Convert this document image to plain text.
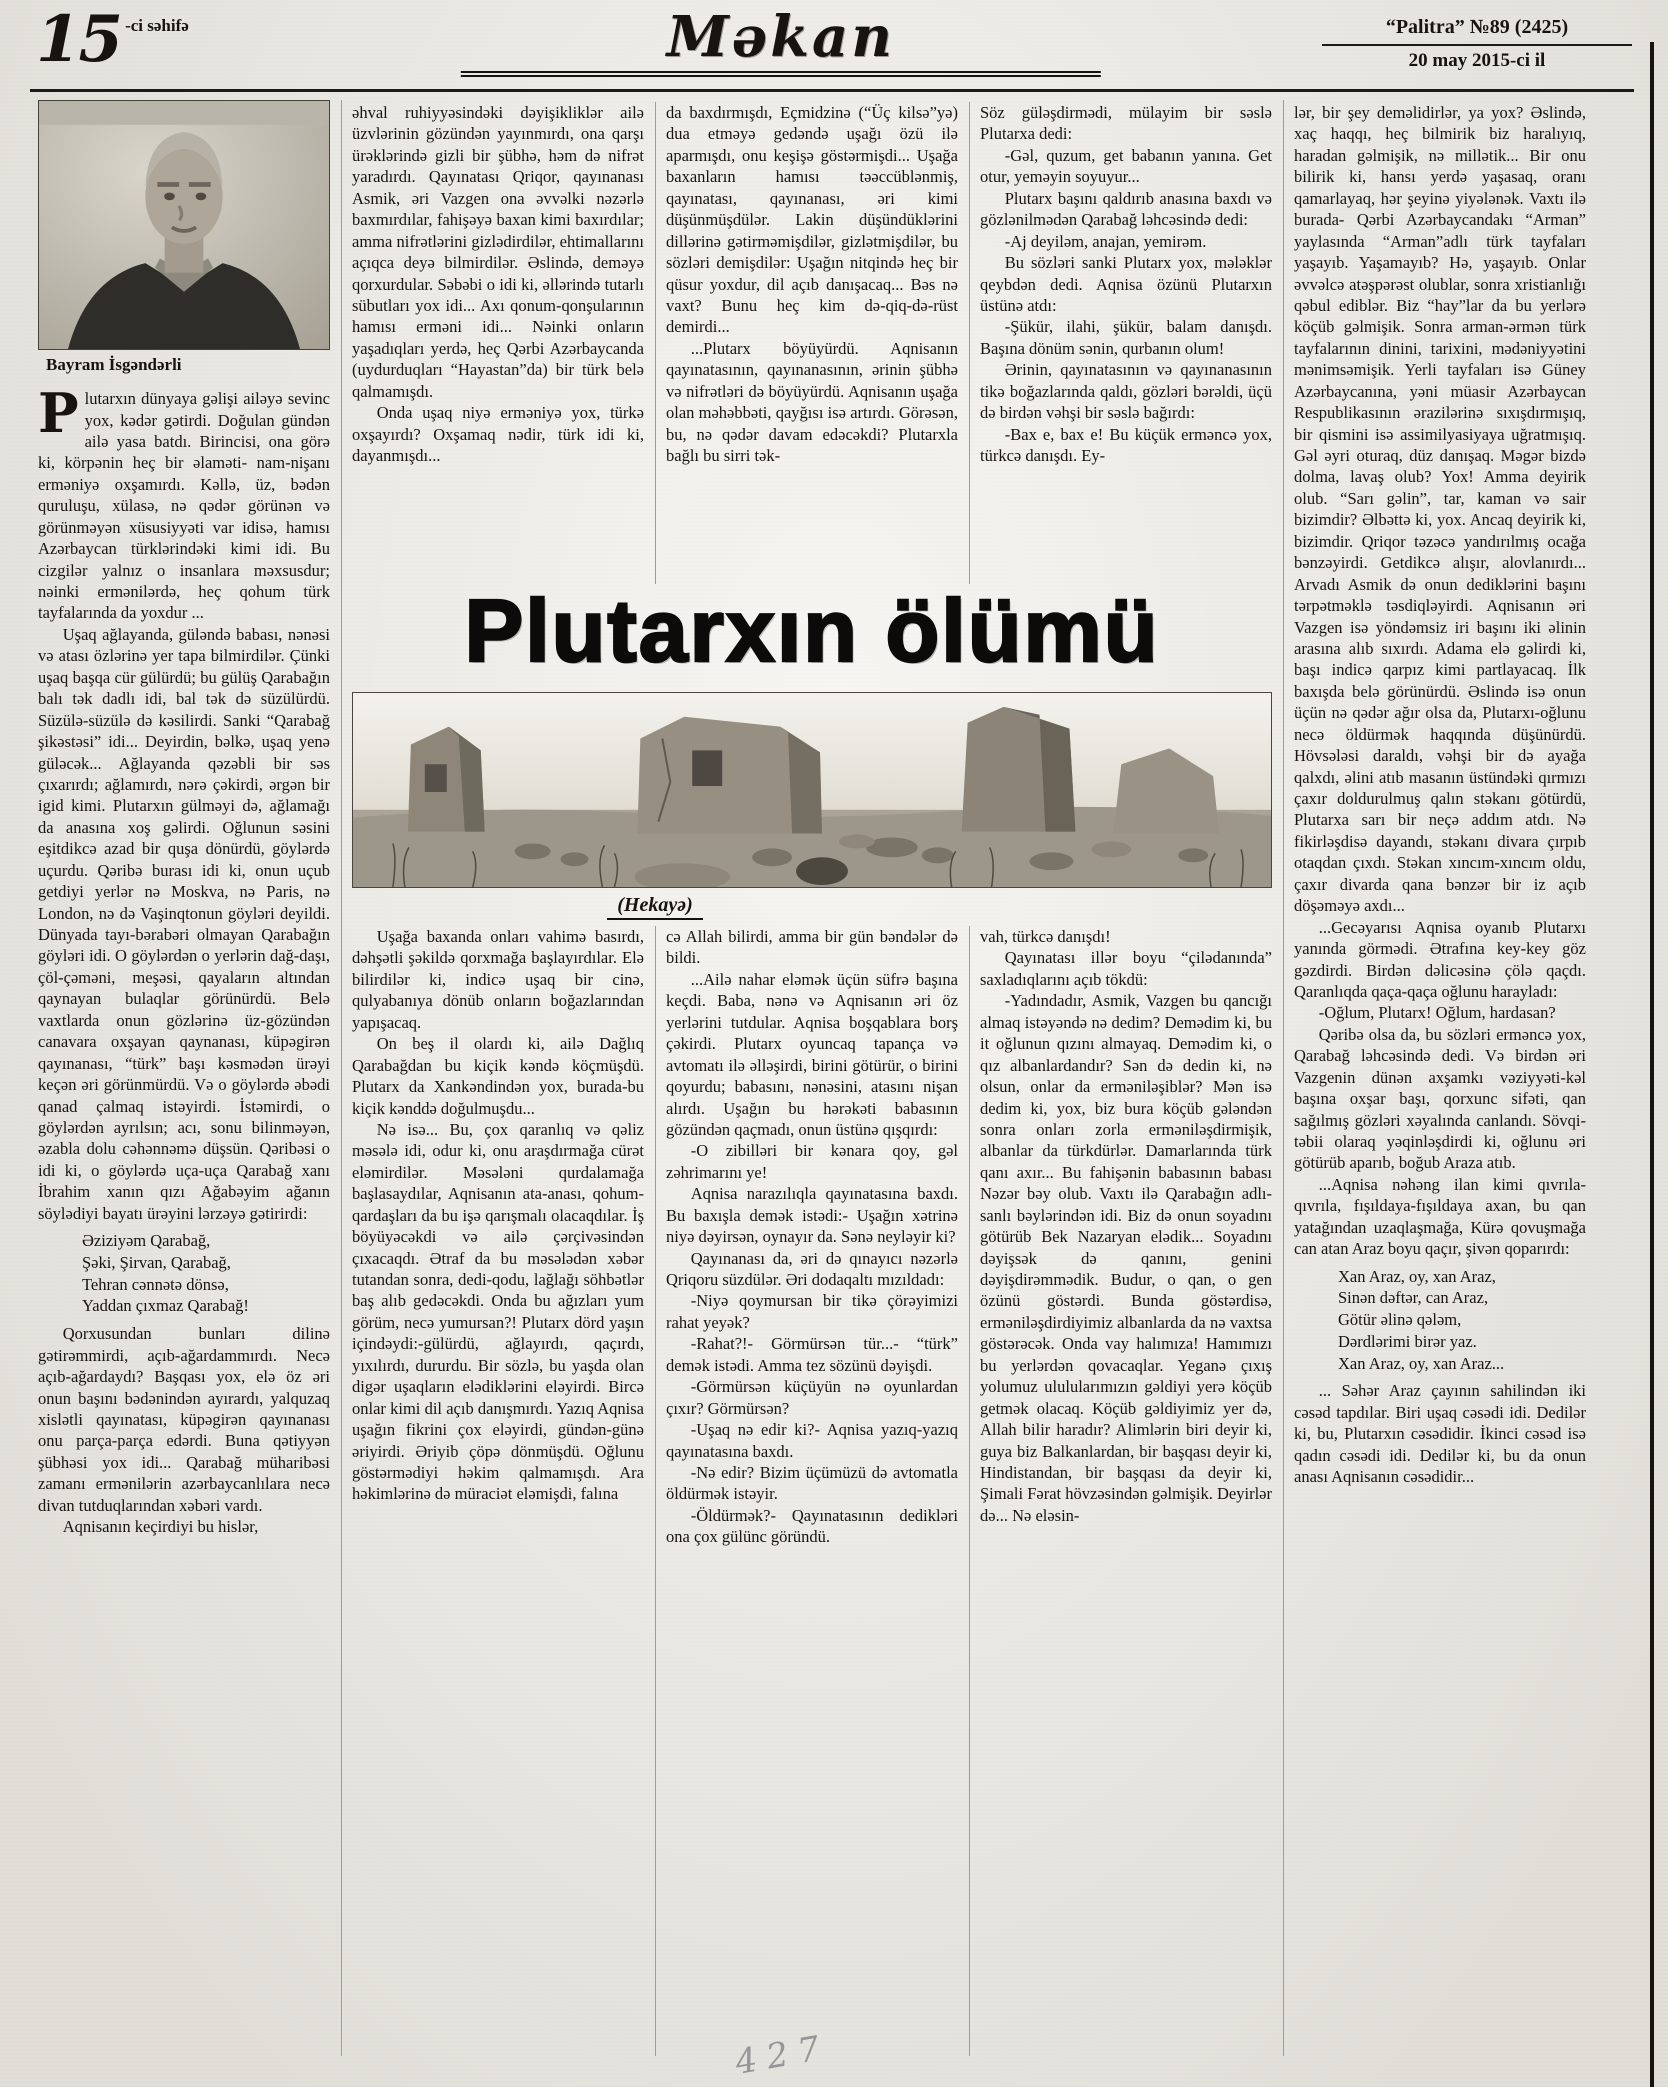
15 -ci səhifə	Məkan	“Palitra” №89 (2425)
20 may 2015-ci il
Bayram İsgəndərli

Plutarxın dünyaya gəlişi ailəyə sevinc yox, kədər gətirdi. Doğulan gündən ailə yasa batdı. Birincisi, ona görə ki, körpənin heç bir əlaməti- nam-nişanı erməniyə oxşamırdı. Kəllə, üz, bədən quruluşu, xülasə, nə qədər görünən və görünməyən xüsusiyyəti var idisə, hamısı Azərbaycan türklərindəki kimi idi. Bu cizgilər yalnız o insanlara məxsusdur; nəinki ermənilərdə, heç qohum türk tayfalarında da yoxdur ...

Uşaq ağlayanda, güləndə babası, nənəsi və atası özlərinə yer tapa bilmirdilər. Çünki uşaq başqa cür gülürdü; bu gülüş Qarabağın balı tək dadlı idi, bal tək də süzülürdü. Süzülə-süzülə də kəsilirdi. Sanki “Qarabağ şikəstəsi” idi... Deyirdin, bəlkə, uşaq yenə güləcək... Ağlayanda qəzəbli bir səs çıxarırdı; ağlamırdı, nərə çəkirdi, ərgən bir igid kimi. Plutarxın gülməyi də, ağlamağı da anasına xoş gəlirdi. Oğlunun səsini eşitdikcə azad bir quşa dönürdü, göylərdə uçurdu. Qəribə burası idi ki, onun uçub getdiyi yerlər nə Moskva, nə Paris, nə London, nə də Vaşinqtonun göyləri deyildi. Dünyada tayı-bərabəri olmayan Qarabağın göyləri idi. O göylərdən o yerlərin dağ-daşı, çöl-çəməni, meşəsi, qayaların altından qaynayan bulaqlar görünürdü. Belə vaxtlarda onun gözlərinə üz-gözündən canavara oxşayan qaynanası, küpəgirən qayınanası, “türk” başı kəsmədən ürəyi keçən əri görünmürdü. Və o göylərdə əbədi qanad çalmaq istəyirdi. İstəmirdi, o göylərdən ayrılsın; acı, sonu bilinməyən, əzabla dolu cəhənnəmə düşsün. Qəribəsi o idi ki, o göylərdə uça-uça Qarabağ xanı İbrahim xanın qızı Ağabəyim ağanın söylədiyi bayatı ürəyini lərzəyə gətirirdi:

Əziziyəm Qarabağ,
Şəki, Şirvan, Qarabağ,
Tehran cənnətə dönsə,
Yaddan çıxmaz Qarabağ!

Qorxusundan bunları dilinə gətirəmmirdi, açıb-ağardammırdı. Necə açıb-ağardaydı? Başqası yox, elə öz əri onun başını bədənindən ayırardı, yalquzaq xislətli qayınatası, küpəgirən qayınanası onu parça-parça edərdi. Buna qətiyyən şübhəsi yox idi... Qarabağ müharibəsi zamanı ermənilərin azərbaycanlılara necə divan tutduqlarından xəbəri vardı.

Aqnisanın keçirdiyi bu hislər,

əhval ruhiyyəsindəki dəyişikliklər ailə üzvlərinin gözündən yayınmırdı, ona qarşı ürəklərində gizli bir şübhə, həm də nifrət yaradırdı. Qayınatası Qriqor, qayınanası Asmik, əri Vazgen ona əvvəlki nəzərlə baxmırdılar, fahişəyə baxan kimi baxırdılar; amma nifrətlərini gizlədirdilər, ehtimallarını açıqca deyə bilmirdilər. Əslində, deməyə qorxurdular. Səbəbi o idi ki, əllərində tutarlı sübutları yox idi... Axı qonum-qonşularının hamısı erməni idi... Nəinki onların yaşadıqları yerdə, heç Qərbi Azərbaycanda (uydurduqları “Hayastan”da) bir türk belə qalmamışdı.

Onda uşaq niyə erməniyə yox, türkə oxşayırdı? Oxşamaq nədir, türk idi ki, dayanmışdı...

da baxdırmışdı, Eçmidzinə (“Üç kilsə”yə) dua etməyə gedəndə uşağı özü ilə aparmışdı, onu keşişə göstərmişdi... Uşağa baxanların hamısı təəccüblənmiş, qayınatası, qayınanası, əri kimi düşünmüşdülər. Lakin düşündüklərini dillərinə gətirməmişdilər, gizlətmişdilər, bu sözləri demişdilər: Uşağın nitqində heç bir qüsur yoxdur, dil açıb danışacaq... Bəs nə vaxt? Bunu heç kim də-qiq-də-rüst demirdi...

...Plutarx böyüyürdü. Aqnisanın qayınatasının, qayınanasının, ərinin şübhə və nifrətləri də böyüyürdü. Aqnisanın uşağa olan məhəbbəti, qayğısı isə artırdı. Görəsən, bu, nə qədər davam edəcəkdi? Plutarxla bağlı bu sirri tək-

Söz güləşdirmədi, mülayim bir səslə Plutarxa dedi:

-Gəl, quzum, get babanın yanına. Get otur, yeməyin soyuyur...

Plutarx başını qaldırıb anasına baxdı və gözlənilmədən Qarabağ ləhcəsində dedi:

-Aj deyiləm, anajan, yemirəm.

Bu sözləri sanki Plutarx yox, mələklər qeybdən dedi. Aqnisa özünü Plutarxın üstünə atdı:

-Şükür, ilahi, şükür, balam danışdı. Başına dönüm sənin, qurbanın olum!

Ərinin, qayınatasının və qayınanasının tikə boğazlarında qaldı, gözləri bərəldi, üçü də birdən vəhşi bir səslə bağırdı:

-Bax e, bax e! Bu küçük erməncə yox, türkcə danışdı. Ey-

Plutarxın ölümü
(Hekayə)

Uşağa baxanda onları vahimə basırdı, dəhşətli şəkildə qorxmağa başlayırdılar. Elə bilirdilər ki, indicə uşaq bir cinə, qulyabanıya dönüb onların boğazlarından yapışacaq.

On beş il olardı ki, ailə Dağlıq Qarabağdan bu kiçik kəndə köçmüşdü. Plutarx da Xankəndindən yox, burada-bu kiçik kənddə doğulmuşdu...

Nə isə... Bu, çox qaranlıq və qəliz məsələ idi, odur ki, onu araşdırmağa cürət eləmirdilər. Məsələni qurdalamağa başlasaydılar, Aqnisanın ata-anası, qohum-qardaşları da bu işə qarışmalı olacaqdılar. İş böyüyəcəkdi və ailə çərçivəsindən çıxacaqdı. Ətraf da bu məsələdən xəbər tutandan sonra, dedi-qodu, lağlağı söhbətlər baş alıb gedəcəkdi. Onda bu ağızları yum görüm, necə yumursan?! Plutarx dörd yaşın içindəydi:-gülürdü, ağlayırdı, qaçırdı, yıxılırdı, dururdu. Bir sözlə, bu yaşda olan digər uşaqların elədiklərini eləyirdi. Bircə onlar kimi dil açıb danışmırdı. Yazıq Aqnisa uşağın fikrini çox eləyirdi, gündən-günə əriyirdi. Əriyib çöpə dönmüşdü. Oğlunu göstərmədiyi həkim qalmamışdı. Ara həkimlərinə də müraciət eləmişdi, falına

cə Allah bilirdi, amma bir gün bəndələr də bildi.

...Ailə nahar eləmək üçün süfrə başına keçdi. Baba, nənə və Aqnisanın əri öz yerlərini tutdular. Aqnisa boşqablara borş çəkirdi. Plutarx oyuncaq tapança və avtomatı ilə əlləşirdi, birini götürür, o birini qoyurdu; babasını, nənəsini, atasını nişan alırdı. Uşağın bu hərəkəti babasının gözündən qaçmadı, onun üstünə qışqırdı:

-O zibilləri bir kənara qoy, gəl zəhrimarını ye!

Aqnisa narazılıqla qayınatasına baxdı. Bu baxışla demək istədi:- Uşağın xətrinə niyə dəyirsən, oynayır da. Sənə neyləyir ki?

Qayınanası da, əri də qınayıcı nəzərlə Qriqoru süzdülər. Əri dodaqaltı mızıldadı:

-Niyə qoymursan bir tikə çörəyimizi rahat yeyək?

-Rahat?!- Görmürsən tür...- “türk” demək istədi. Amma tez sözünü dəyişdi.

-Görmürsən küçüyün nə oyunlardan çıxır? Görmürsən?

-Uşaq nə edir ki?- Aqnisa yazıq-yazıq qayınatasına baxdı.

-Nə edir? Bizim üçümüzü də avtomatla öldürmək istəyir.

-Öldürmək?- Qayınatasının dedikləri ona çox gülünc göründü.

vah, türkcə danışdı!

Qayınatası illər boyu “çilədanında” saxladıqlarını açıb tökdü:

-Yadındadır, Asmik, Vazgen bu qancığı almaq istəyəndə nə dedim? Demədim ki, bu it oğlunun qızını almayaq. Demədim ki, o qız albanlardandır? Sən də dedin ki, nə olsun, onlar da erməniləşiblər? Mən isə dedim ki, yox, biz bura köçüb gələndən sonra onları zorla erməniləşdirmişik, albanlar da türkdürlər. Damarlarında türk qanı axır... Bu fahişənin babasının babası Nəzər bəy olub. Vaxtı ilə Qarabağın adlı-sanlı bəylərindən idi. Biz də onun soyadını götürüb Bek Nazaryan elədik... Soyadını dəyişsək də qanını, genini dəyişdirəmmədik. Budur, o qan, o gen özünü göstərdi. Bunda göstərdisə, erməniləşdirdiyimiz albanlarda da nə vaxtsa göstərəcək. Onda vay halımıza! Hamımızı bu yerlərdən qovacaqlar. Yeganə çıxış yolumuz ululularımızın gəldiyi yerə köçüb getmək olacaq. Köçüb gəldiyimiz yer də, Allah bilir haradır? Alimlərin biri deyir ki, guya biz Balkanlardan, bir başqası deyir ki, Hindistandan, bir başqası da deyir ki, Şimali Fərat hövzəsindən gəlmişik. Deyirlər də... Nə eləsin-

lər, bir şey deməlidirlər, ya yox? Əslində, xaç haqqı, heç bilmirik biz haralıyıq, haradan gəlmişik, nə millətik... Bir onu bilirik ki, hansı yerdə yaşasaq, oranı qamarlayaq, hər şeyinə yiyələnək. Vaxtı ilə burada- Qərbi Azərbaycandakı “Arman” yaylasında “Arman”adlı türk tayfaları yaşayıb. Yaşamayıb? Hə, yaşayıb. Onlar əvvəlcə atəşpərəst olublar, sonra xristianlığı qəbul ediblər. Biz “hay”lar da bu yerlərə köçüb gəlmişik. Sonra arman-ərmən türk tayfalarının dinini, tarixini, mədəniyyətini mənimsəmişik. Yerli tayfaları isə Güney Azərbaycanına, yəni müasir Azərbaycan Respublikasının ərazilərinə sıxışdırmışıq, bir qismini isə assimilyasiyaya uğratmışıq. Gəl əyri oturaq, düz danışaq. Məgər bizdə dolma, lavaş olub? Yox! Amma deyirik olub. “Sarı gəlin”, tar, kaman və sair bizimdir? Əlbəttə ki, yox. Ancaq deyirik ki, bizimdir. Qriqor təzəcə yandırılmış ocağa bənzəyirdi. Getdikcə alışır, alovlanırdı... Arvadı Asmik də onun dediklərini başını tərpətməklə təsdiqləyirdi. Aqnisanın əri Vazgen isə yöndəmsiz iri başını iki əlinin arasına alıb sıxırdı. Adama elə gəlirdi ki, başı indicə qarpız kimi partlayacaq. İlk baxışda belə görünürdü. Əslində isə onun üçün nə qədər ağır olsa da, Plutarxı-oğlunu necə öldürmək haqqında düşünürdü. Hövsələsi daraldı, vəhşi bir də ayağa qalxdı, əlini atıb masanın üstündəki qırmızı çaxır doldurulmuş qalın stəkanı götürdü, Plutarxa sarı bir neçə addım atdı. Nə fikirləşdisə dayandı, stəkanı divara çırpıb otaqdan çıxdı. Stəkan xıncım-xıncım oldu, çaxır divarda qana bənzər bir iz açıb döşəməyə axdı...

...Gecəyarısı Aqnisa oyanıb Plutarxı yanında görmədi. Ətrafına key-key göz gəzdirdi. Birdən dəlicəsinə çölə qaçdı. Qaranlıqda qaça-qaça oğlunu harayladı:

-Oğlum, Plutarx! Oğlum, hardasan?

Qəribə olsa da, bu sözləri erməncə yox, Qarabağ ləhcəsində dedi. Və birdən əri Vazgenin dünən axşamkı vəziyyəti-kəl başına oxşar başı, qorxunc sifəti, qan sağılmış gözləri xəyalında canlandı. Sövqi-təbii olaraq yəqinləşdirdi ki, oğlunu əri götürüb aparıb, boğub Araza atıb.

...Aqnisa nəhəng ilan kimi qıvrıla-qıvrıla, fışıldaya-fışıldaya axan, bu qan yatağından uzaqlaşmağa, Kürə qovuşmağa can atan Araz boyu qaçır, şivən qoparırdı:

Xan Araz, oy, xan Araz,
Sinən dəftər, can Araz,
Götür əlinə qələm,
Dərdlərimi birər yaz.
Xan Araz, oy, xan Araz...

... Səhər Araz çayının sahilindən iki cəsəd tapdılar. Biri uşaq cəsədi idi. Dedilər ki, bu, Plutarxın cəsədidir. İkinci cəsəd isə qadın cəsədi idi. Dedilər ki, bu da onun anası Aqnisanın cəsədidir...

427
